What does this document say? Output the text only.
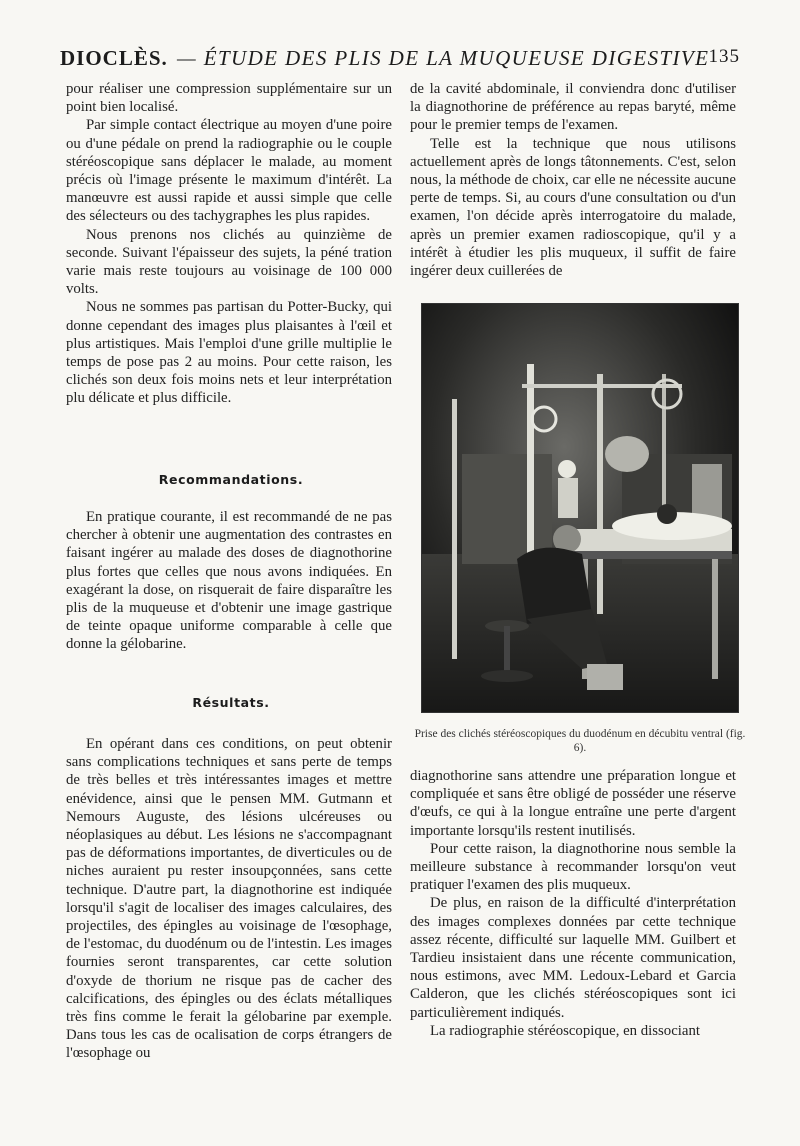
DIOCLÈS. — ÉTUDE DES PLIS DE LA MUQUEUSE DIGESTIVE 135

pour réaliser une compression supplémentaire sur un point bien localisé.

Par simple contact électrique au moyen d'une poire ou d'une pédale on prend la radiographie ou le couple stéréoscopique sans déplacer le malade, au moment précis où l'image présente le maximum d'intérêt. La manœuvre est aussi rapide et aussi simple que celle des sélecteurs ou des tachygraphes les plus rapides.

Nous prenons nos clichés au quinzième de seconde. Suivant l'épaisseur des sujets, la péné tration varie mais reste toujours au voisinage de 100 000 volts.

Nous ne sommes pas partisan du Potter-Bucky, qui donne cependant des images plus plaisantes à l'œil et plus artistiques. Mais l'emploi d'une grille multiplie le temps de pose pas 2 au moins. Pour cette raison, les clichés son deux fois moins nets et leur interprétation plu délicate et plus difficile.

Recommandations.

En pratique courante, il est recommandé de ne pas chercher à obtenir une augmentation des contrastes en faisant ingérer au malade des doses de diagnothorine plus fortes que celles que nous avons indiquées. En exagérant la dose, on risquerait de faire disparaître les plis de la muqueuse et d'obtenir une image gastrique de teinte opaque uniforme comparable à celle que donne la gélobarine.

Résultats.

En opérant dans ces conditions, on peut obtenir sans complications techniques et sans perte de temps de très belles et très intéressantes images et mettre enévidence, ainsi que le pensen MM. Gutmann et Nemours Auguste, des lésions ulcéreuses ou néoplasiques au début. Les lésions ne s'accompagnant pas de déformations importantes, de diverticules ou de niches auraient pu rester insoupçonnées, sans cette technique. D'autre part, la diagnothorine est indiquée lorsqu'il s'agit de localiser des images calculaires, des projectiles, des épingles au voisinage de l'œsophage, de l'estomac, du duodénum ou de l'intestin. Les images fournies seront transparentes, car cette solution d'oxyde de thorium ne risque pas de cacher des calcifications, des épingles ou des éclats métalliques très fins comme le ferait la gélobarine par exemple. Dans tous les cas de ocalisation de corps étrangers de l'œsophage ou

de la cavité abdominale, il conviendra donc d'utiliser la diagnothorine de préférence au repas baryté, même pour le premier temps de l'examen.

Telle est la technique que nous utilisons actuellement après de longs tâtonnements. C'est, selon nous, la méthode de choix, car elle ne nécessite aucune perte de temps. Si, au cours d'une consultation ou d'un examen, l'on décide après interrogatoire du malade, après un premier examen radioscopique, qu'il y a intérêt à étudier les plis muqueux, il suffit de faire ingérer deux cuillerées de

Prise des clichés stéréoscopiques du duodénum en décubitu ventral (fig. 6).

diagnothorine sans attendre une préparation longue et compliquée et sans être obligé de posséder une réserve d'œufs, ce qui à la longue entraîne une perte d'argent importante lorsqu'ils restent inutilisés.

Pour cette raison, la diagnothorine nous semble la meilleure substance à recommander lorsqu'on veut pratiquer l'examen des plis muqueux.

De plus, en raison de la difficulté d'interprétation des images complexes données par cette technique assez récente, difficulté sur laquelle MM. Guilbert et Tardieu insistaient dans une récente communication, nous estimons, avec MM. Ledoux-Lebard et Garcia Calderon, que les clichés stéréoscopiques sont ici particulièrement indiqués.

La radiographie stéréoscopique, en dissociant
